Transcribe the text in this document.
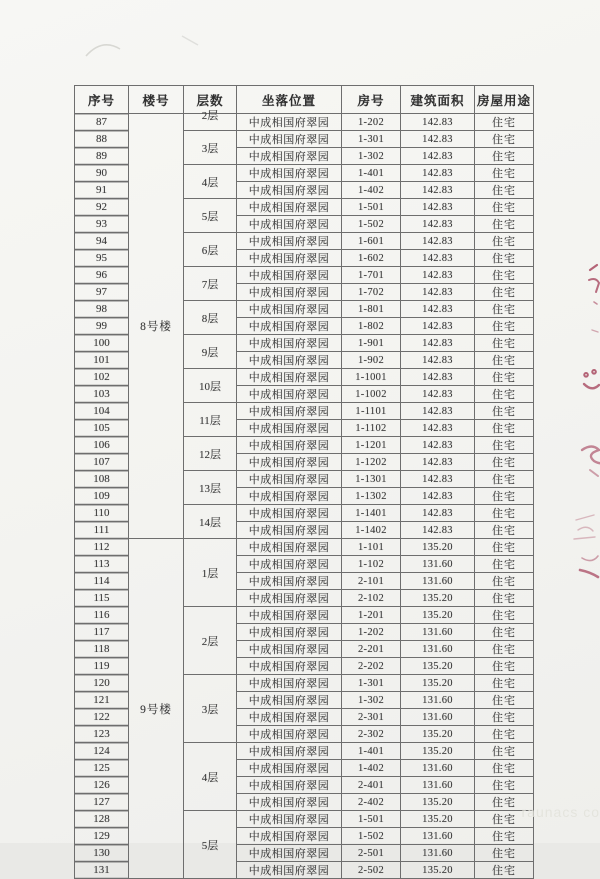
序号	楼号	层数	坐落位置	房号	建筑面积	房屋用途
87	8号楼	2层	中成相国府翠园	1-202	142.83	住宅
88		3层	中成相国府翠园	1-301	142.83	住宅
89			中成相国府翠园	1-302	142.83	住宅
90		4层	中成相国府翠园	1-401	142.83	住宅
91			中成相国府翠园	1-402	142.83	住宅
92		5层	中成相国府翠园	1-501	142.83	住宅
93			中成相国府翠园	1-502	142.83	住宅
94		6层	中成相国府翠园	1-601	142.83	住宅
95			中成相国府翠园	1-602	142.83	住宅
96		7层	中成相国府翠园	1-701	142.83	住宅
97			中成相国府翠园	1-702	142.83	住宅
98		8层	中成相国府翠园	1-801	142.83	住宅
99			中成相国府翠园	1-802	142.83	住宅
100		9层	中成相国府翠园	1-901	142.83	住宅
101			中成相国府翠园	1-902	142.83	住宅
102		10层	中成相国府翠园	1-1001	142.83	住宅
103			中成相国府翠园	1-1002	142.83	住宅
104		11层	中成相国府翠园	1-1101	142.83	住宅
105			中成相国府翠园	1-1102	142.83	住宅
106		12层	中成相国府翠园	1-1201	142.83	住宅
107			中成相国府翠园	1-1202	142.83	住宅
108		13层	中成相国府翠园	1-1301	142.83	住宅
109			中成相国府翠园	1-1302	142.83	住宅
110		14层	中成相国府翠园	1-1401	142.83	住宅
111			中成相国府翠园	1-1402	142.83	住宅
112	9号楼	1层	中成相国府翠园	1-101	135.20	住宅
113			中成相国府翠园	1-102	131.60	住宅
114			中成相国府翠园	2-101	131.60	住宅
115			中成相国府翠园	2-102	135.20	住宅
116		2层	中成相国府翠园	1-201	135.20	住宅
117			中成相国府翠园	1-202	131.60	住宅
118			中成相国府翠园	2-201	131.60	住宅
119			中成相国府翠园	2-202	135.20	住宅
120		3层	中成相国府翠园	1-301	135.20	住宅
121			中成相国府翠园	1-302	131.60	住宅
122			中成相国府翠园	2-301	131.60	住宅
123			中成相国府翠园	2-302	135.20	住宅
124		4层	中成相国府翠园	1-401	135.20	住宅
125			中成相国府翠园	1-402	131.60	住宅
126			中成相国府翠园	2-401	131.60	住宅
127			中成相国府翠园	2-402	135.20	住宅
128		5层	中成相国府翠园	1-501	135.20	住宅
129			中成相国府翠园	1-502	131.60	住宅
130			中成相国府翠园	2-501	131.60	住宅
131			中成相国府翠园	2-502	135.20	住宅
raunacs co
